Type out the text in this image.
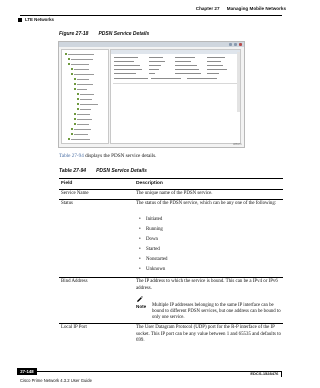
Chapter 27 Managing Mobile Networks
LTE Networks
Figure 27-18 PDSN Service Details
385971
Table 27-94 displays the PDSN service details.
Table 27-94 PDSN Service Details
Field	Description
Service Name	The unique name of the PDSN service.
Status	The status of the PDSN service, which can be any one of the following:
Initiated
Running
Down
Started
Nonstarted
Unknown
Bind Address	The IP address to which the service is bound. This can be a IPv4 or IPv6 address.
Note Multiple IP addresses belonging to the same IP interface can be bound to different PDSN services, but one address can be bound to only one service.
Local IP Port	The User Datagram Protocol (UDP) port for the R-P interface of the IP socket. This IP port can be any value between 1 and 65535 and defaults to 699.
27-148
Cisco Prime Network 4.3.2 User Guide
EDCS-1528476
